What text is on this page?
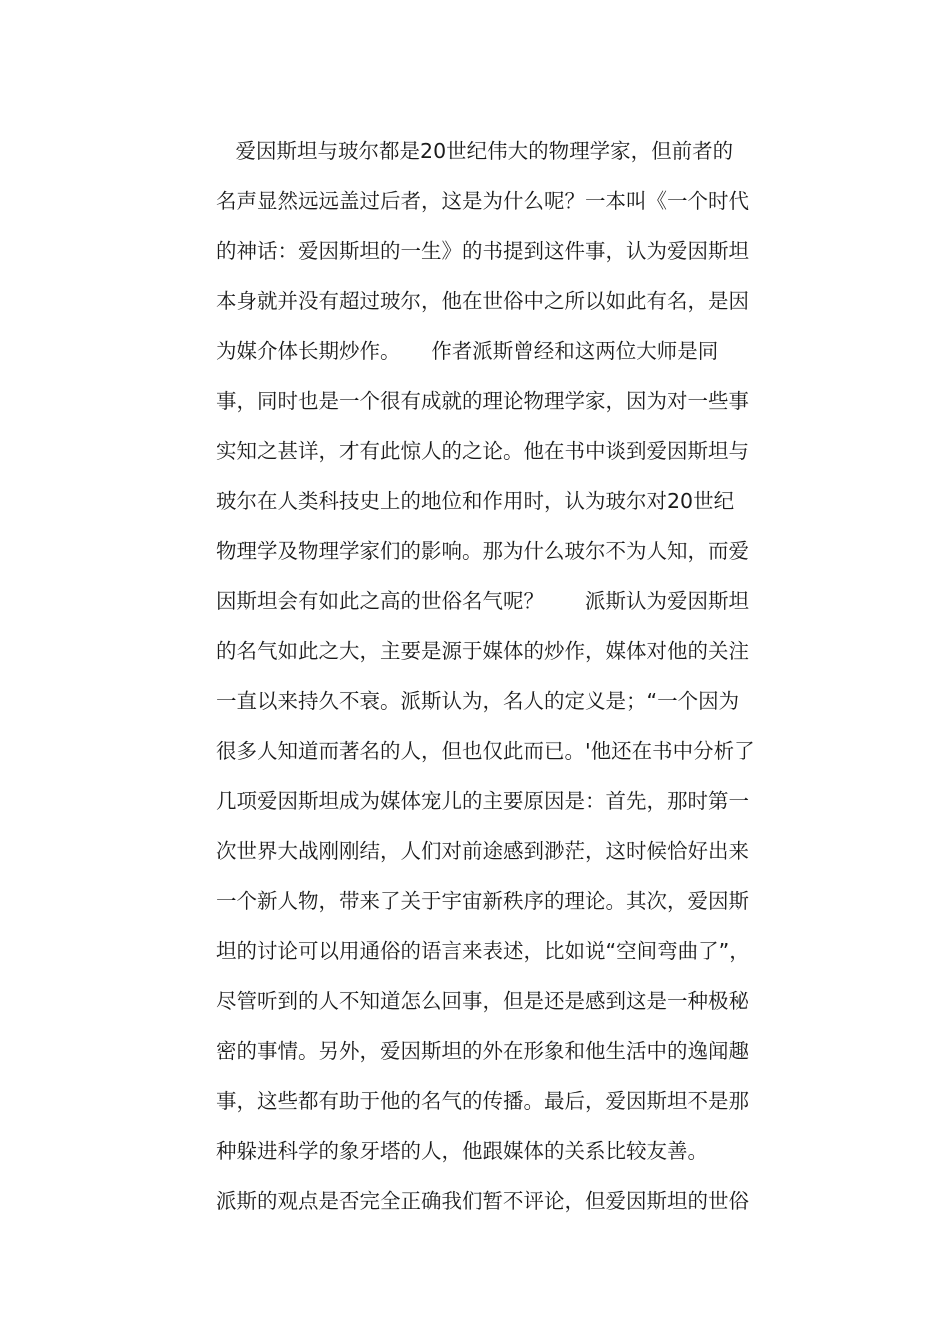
爱因斯坦与玻尔都是20世纪伟大的物理学家，但前者的
名声显然远远盖过后者，这是为什么呢？一本叫《一个时代
的神话：爱因斯坦的一生》的书提到这件事，认为爱因斯坦
本身就并没有超过玻尔，他在世俗中之所以如此有名，是因
为媒介体长期炒作。　　作者派斯曾经和这两位大师是同
事，同时也是一个很有成就的理论物理学家，因为对一些事
实知之甚详，才有此惊人的之论。他在书中谈到爱因斯坦与
玻尔在人类科技史上的地位和作用时，认为玻尔对20世纪
物理学及物理学家们的影响。那为什么玻尔不为人知，而爱
因斯坦会有如此之高的世俗名气呢？　　派斯认为爱因斯坦
的名气如此之大，主要是源于媒体的炒作，媒体对他的关注
一直以来持久不衰。派斯认为，名人的定义是；“一个因为
很多人知道而著名的人，但也仅此而已。'他还在书中分析了
几项爱因斯坦成为媒体宠儿的主要原因是：首先，那时第一
次世界大战刚刚结，人们对前途感到渺茫，这时候恰好出来
一个新人物，带来了关于宇宙新秩序的理论。其次，爱因斯
坦的讨论可以用通俗的语言来表述，比如说“空间弯曲了”，
尽管听到的人不知道怎么回事，但是还是感到这是一种极秘
密的事情。另外，爱因斯坦的外在形象和他生活中的逸闻趣
事，这些都有助于他的名气的传播。最后，爱因斯坦不是那
种躲进科学的象牙塔的人，他跟媒体的关系比较友善。
派斯的观点是否完全正确我们暂不评论，但爱因斯坦的世俗
